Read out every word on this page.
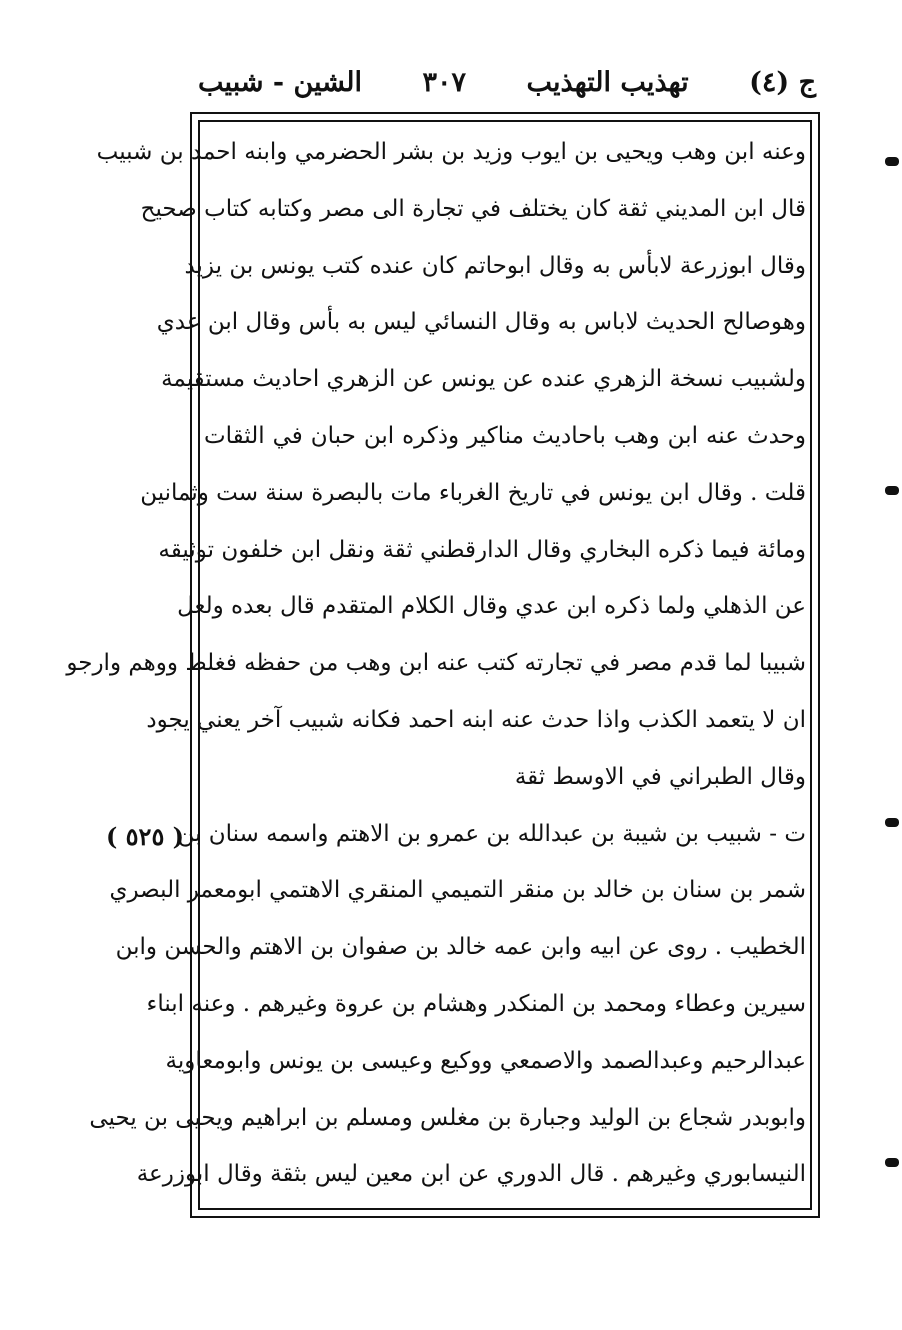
ج (٤)
تهذيب التهذيب
٣٠٧
الشين - شبيب
( ٥٢٥ )
وعنه ابن وهب ويحيى بن ايوب وزيد بن بشر الحضرمي وابنه احمد بن شبيب
قال ابن المديني ثقة كان يختلف في تجارة الى مصر وكتابه كتاب صحيح
وقال ابوزرعة لابأس به وقال ابوحاتم كان عنده كتب يونس بن يزيد
وهوصالح الحديث لاباس به وقال النسائي ليس به بأس وقال ابن عدي
ولشبيب نسخة الزهري عنده عن يونس عن الزهري احاديث مستقيمة
وحدث عنه ابن وهب باحاديث مناكير وذكره ابن حبان في الثقات
قلت . وقال ابن يونس في تاريخ الغرباء مات بالبصرة سنة ست وثمانين
ومائة فيما ذكره البخاري وقال الدارقطني ثقة ونقل ابن خلفون توثيقه
عن الذهلي ولما ذكره ابن عدي وقال الكلام المتقدم قال بعده ولعل
شبيبا لما قدم مصر في تجارته كتب عنه ابن وهب من حفظه فغلط ووهم وارجو
ان لا يتعمد الكذب واذا حدث عنه ابنه احمد فكانه شبيب آخر يعني يجود
وقال الطبراني في الاوسط ثقة
ت - شبيب بن شيبة بن عبدالله بن عمرو بن الاهتم واسمه سنان بن
شمر بن سنان بن خالد بن منقر التميمي المنقري الاهتمي ابومعمر البصري
الخطيب . روى عن ابيه وابن عمه خالد بن صفوان بن الاهتم والحسن وابن
سيرين وعطاء ومحمد بن المنكدر وهشام بن عروة وغيرهم . وعنه ابناء
عبدالرحيم وعبدالصمد والاصمعي ووكيع وعيسى بن يونس وابومعاوية
وابوبدر شجاع بن الوليد وجبارة بن مغلس ومسلم بن ابراهيم ويحيى بن يحيى
النيسابوري وغيرهم . قال الدوري عن ابن معين ليس بثقة وقال ابوزرعة
